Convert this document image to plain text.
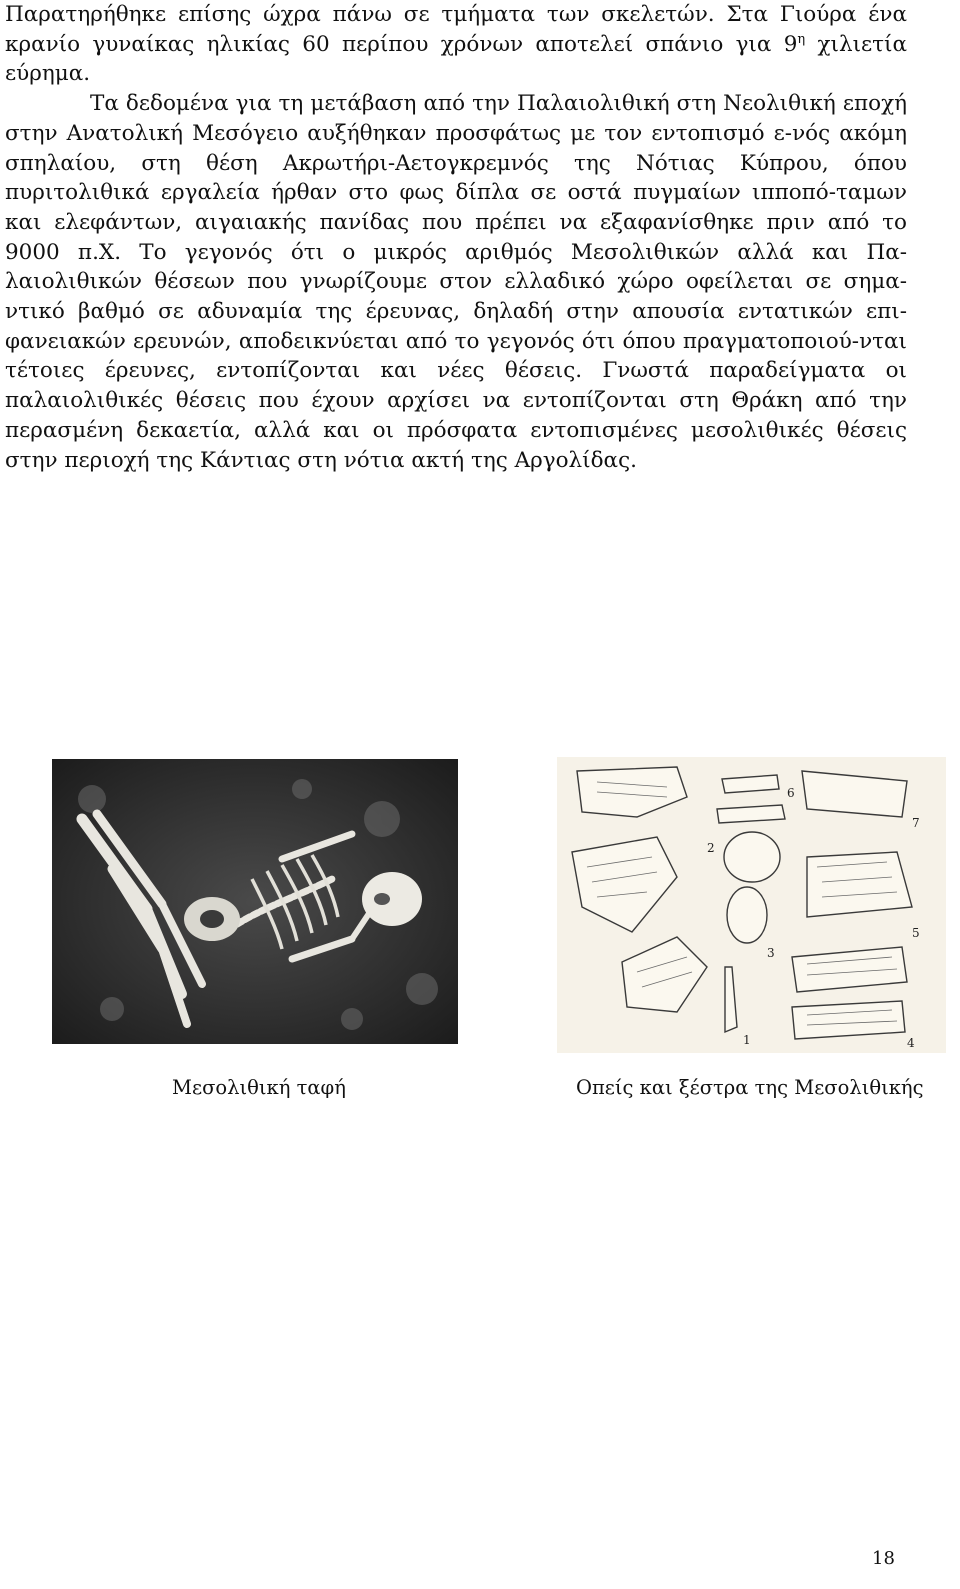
Παρατηρήθηκε επίσης ώχρα πάνω σε τμήματα των σκελετών. Στα Γιούρα ένα κρανίο γυναίκας ηλικίας 60 περίπου χρόνων αποτελεί σπάνιο για $9^\eta$ χιλιετία εύρημα.

Τα δεδομένα για τη μετάβαση από την Παλαιολιθική στη Νεολιθική εποχή στην Ανατολική Μεσόγειο αυξήθηκαν προσφάτως με τον εντοπισμό ε-νός ακόμη σπηλαίου, στη θέση Ακρωτήρι-Αετογκρεμνός της Νότιας Κύπρου, όπου πυριτολιθικά εργαλεία ήρθαν στο φως δίπλα σε οστά πυγμαίων ιπποπό-ταμων και ελεφάντων, αιγαιακής πανίδας που πρέπει να εξαφανίσθηκε πριν από το 9000 π.Χ. Το γεγονός ότι ο μικρός αριθμός Μεσολιθικών αλλά και Πα-λαιολιθικών θέσεων που γνωρίζουμε στον ελλαδικό χώρο οφείλεται σε σημα-ντικό βαθμό σε αδυναμία της έρευνας, δηλαδή στην απουσία εντατικών επι-φανειακών ερευνών, αποδεικνύεται από το γεγονός ότι όπου πραγματοποιού-νται τέτοιες έρευνες, εντοπίζονται και νέες θέσεις. Γνωστά παραδείγματα οι παλαιολιθικές θέσεις που έχουν αρχίσει να εντοπίζονται στη Θράκη από την περασμένη δεκαετία, αλλά και οι πρόσφατα εντοπισμένες μεσολιθικές θέσεις στην περιοχή της Κάντιας στη νότια ακτή της Αργολίδας.

1
2
3
4
5
6
7
Μεσολιθική ταφή	Οπείς και ξέστρα της Μεσολιθικής
18
